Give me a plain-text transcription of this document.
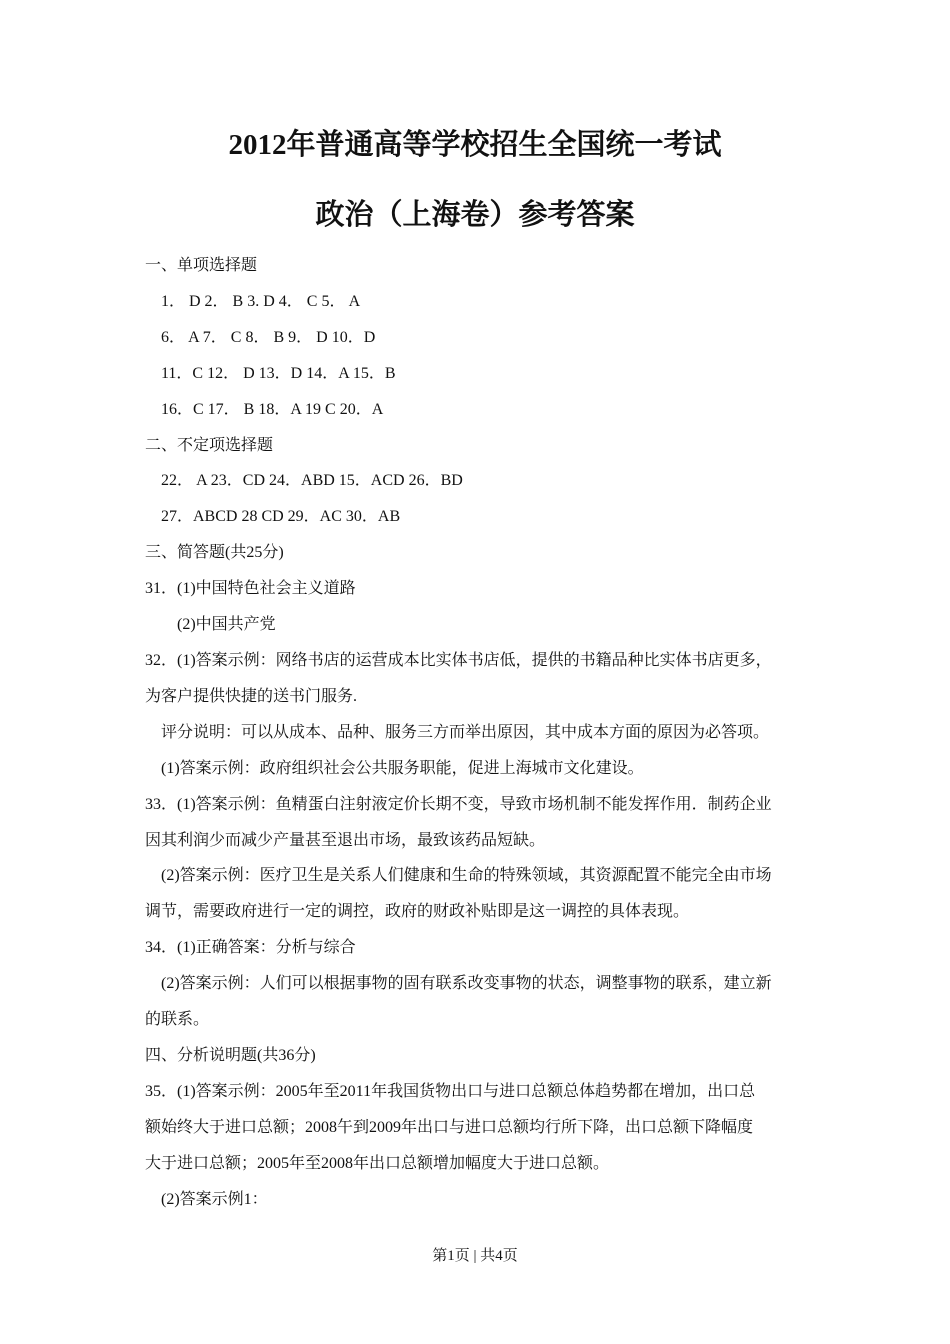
2012年普通高等学校招生全国统一考试
政治（上海卷）参考答案
一、单项选择题
1． D 2． B 3. D 4． C 5． A
6． A 7． C 8． B 9． D 10．D
11．C 12． D 13．D 14．A 15．B
16．C 17． B 18．A 19 C 20．A
二、不定项选择题
22． A 23．CD 24．ABD 15．ACD 26．BD
27．ABCD 28 CD 29．AC 30．AB
三、简答题(共25分)
31．(1)中国特色社会主义道路
(2)中国共产党
32．(1)答案示例：网络书店的运营成本比实体书店低，提供的书籍品种比实体书店更多，
为客户提供快捷的送书门服务.
评分说明：可以从成本、品种、服务三方而举出原因，其中成本方面的原因为必答项。
(1)答案示例：政府组织社会公共服务职能，促进上海城市文化建设。
33．(1)答案示例：鱼精蛋白注射液定价长期不变，导致市场机制不能发挥作用．制药企业
因其利润少而减少产量甚至退出市场，最致该药品短缺。
(2)答案示例：医疗卫生是关系人们健康和生命的特殊领域，其资源配置不能完全由市场
调节，需要政府进行一定的调控，政府的财政补贴即是这一调控的具体表现。
34．(1)正确答案：分析与综合
(2)答案示例：人们可以根据事物的固有联系改变事物的状态，调整事物的联系，建立新
的联系。
四、分析说明题(共36分)
35．(1)答案示例：2005年至2011年我国货物出口与进口总额总体趋势都在增加，出口总
额始终大于进口总额；2008午到2009年出口与进口总额均行所下降，出口总额下降幅度
大于进口总额；2005年至2008年出口总额增加幅度大于进口总额。
(2)答案示例1：
第1页 | 共4页
